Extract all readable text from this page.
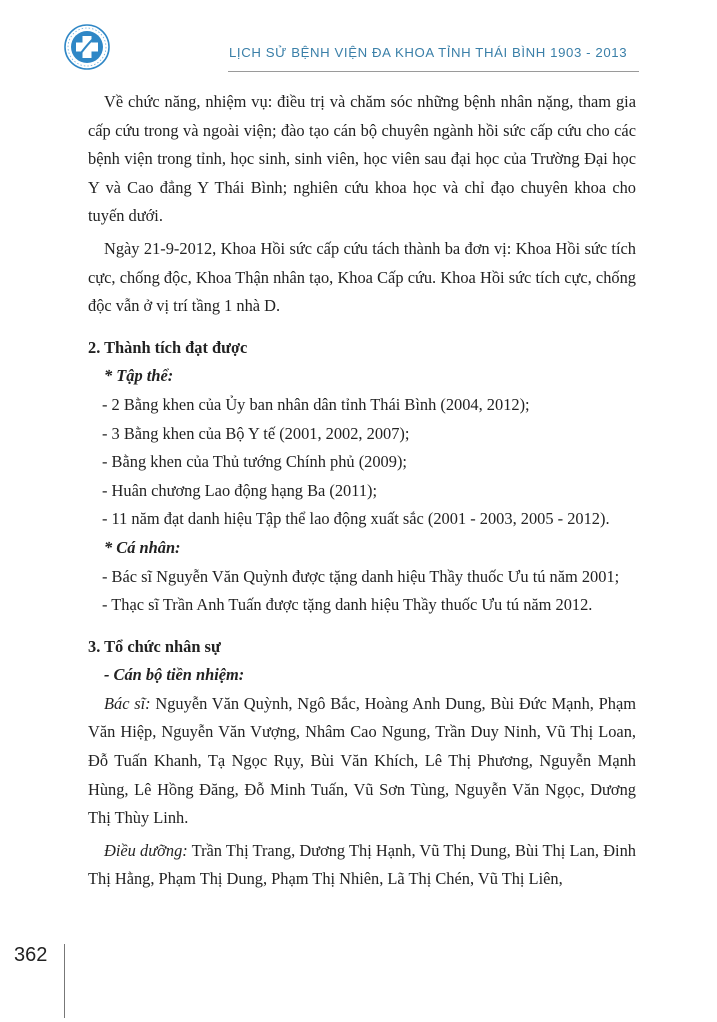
LỊCH SỬ BỆNH VIỆN ĐA KHOA TỈNH THÁI BÌNH 1903 - 2013

Về chức năng, nhiệm vụ: điều trị và chăm sóc những bệnh nhân nặng, tham gia cấp cứu trong và ngoài viện; đào tạo cán bộ chuyên ngành hồi sức cấp cứu cho các bệnh viện trong tỉnh, học sinh, sinh viên, học viên sau đại học của Trường Đại học Y và Cao đẳng Y Thái Bình; nghiên cứu khoa học và chỉ đạo chuyên khoa cho tuyến dưới.

Ngày 21-9-2012, Khoa Hồi sức cấp cứu tách thành ba đơn vị: Khoa Hồi sức tích cực, chống độc, Khoa Thận nhân tạo, Khoa Cấp cứu. Khoa Hồi sức tích cực, chống độc vẫn ở vị trí tầng 1 nhà D.

2. Thành tích đạt được

* Tập thể:

- 2 Bằng khen của Ủy ban nhân dân tỉnh Thái Bình (2004, 2012);

- 3 Bằng khen của Bộ Y tế (2001, 2002, 2007);

- Bằng khen của Thủ tướng Chính phủ (2009);

- Huân chương Lao động hạng Ba (2011);

- 11 năm đạt danh hiệu Tập thể lao động xuất sắc (2001 - 2003, 2005 - 2012).

* Cá nhân:

- Bác sĩ Nguyễn Văn Quỳnh được tặng danh hiệu Thầy thuốc Ưu tú năm 2001;

- Thạc sĩ Trần Anh Tuấn được tặng danh hiệu Thầy thuốc Ưu tú năm 2012.

3. Tổ chức nhân sự

- Cán bộ tiền nhiệm:

Bác sĩ: Nguyễn Văn Quỳnh, Ngô Bắc, Hoàng Anh Dung, Bùi Đức Mạnh, Phạm Văn Hiệp, Nguyễn Văn Vượng, Nhâm Cao Ngung, Trần Duy Ninh, Vũ Thị Loan, Đỗ Tuấn Khanh, Tạ Ngọc Rụy, Bùi Văn Khích, Lê Thị Phương, Nguyễn Mạnh Hùng, Lê Hồng Đăng, Đỗ Minh Tuấn, Vũ Sơn Tùng, Nguyễn Văn Ngọc, Dương Thị Thùy Linh.

Điều dưỡng: Trần Thị Trang, Dương Thị Hạnh, Vũ Thị Dung, Bùi Thị Lan, Đinh Thị Hằng, Phạm Thị Dung, Phạm Thị Nhiên, Lã Thị Chén, Vũ Thị Liên,

362
